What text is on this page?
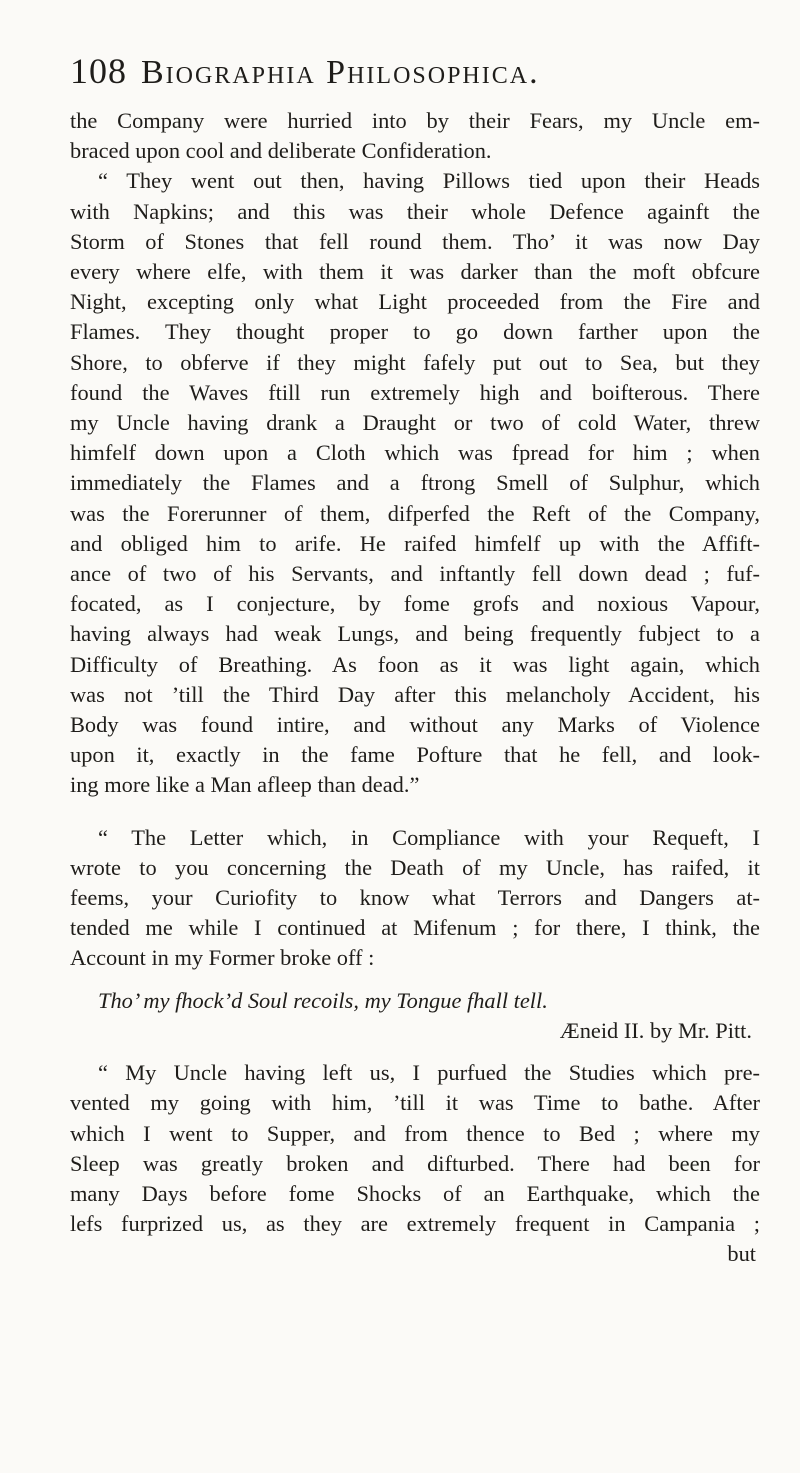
108 Biographia Philosophica.
the Company were hurried into by their Fears, my Uncle em-
braced upon cool and deliberate Confideration.
“ They went out then, having Pillows tied upon their Heads
with Napkins; and this was their whole Defence againft the
Storm of Stones that fell round them. Tho’ it was now Day
every where elfe, with them it was darker than the moft obfcure
Night, excepting only what Light proceeded from the Fire and
Flames. They thought proper to go down farther upon the
Shore, to obferve if they might fafely put out to Sea, but they
found the Waves ftill run extremely high and boifterous. There
my Uncle having drank a Draught or two of cold Water, threw
himfelf down upon a Cloth which was fpread for him ; when
immediately the Flames and a ftrong Smell of Sulphur, which
was the Forerunner of them, difperfed the Reft of the Company,
and obliged him to arife. He raifed himfelf up with the Affift-
ance of two of his Servants, and inftantly fell down dead ; fuf-
focated, as I conjecture, by fome grofs and noxious Vapour,
having always had weak Lungs, and being frequently fubject to a
Difficulty of Breathing. As foon as it was light again, which
was not ’till the Third Day after this melancholy Accident, his
Body was found intire, and without any Marks of Violence
upon it, exactly in the fame Pofture that he fell, and look-
ing more like a Man afleep than dead.”
“ The Letter which, in Compliance with your Requeft, I
wrote to you concerning the Death of my Uncle, has raifed, it
feems, your Curiofity to know what Terrors and Dangers at-
tended me while I continued at Mifenum ; for there, I think, the
Account in my Former broke off :
Tho’ my fhock’d Soul recoils, my Tongue fhall tell.
Æneid II. by Mr. Pitt.
“ My Uncle having left us, I purfued the Studies which pre-
vented my going with him, ’till it was Time to bathe. After
which I went to Supper, and from thence to Bed ; where my
Sleep was greatly broken and difturbed. There had been for
many Days before fome Shocks of an Earthquake, which the
lefs furprized us, as they are extremely frequent in Campania ;
but
